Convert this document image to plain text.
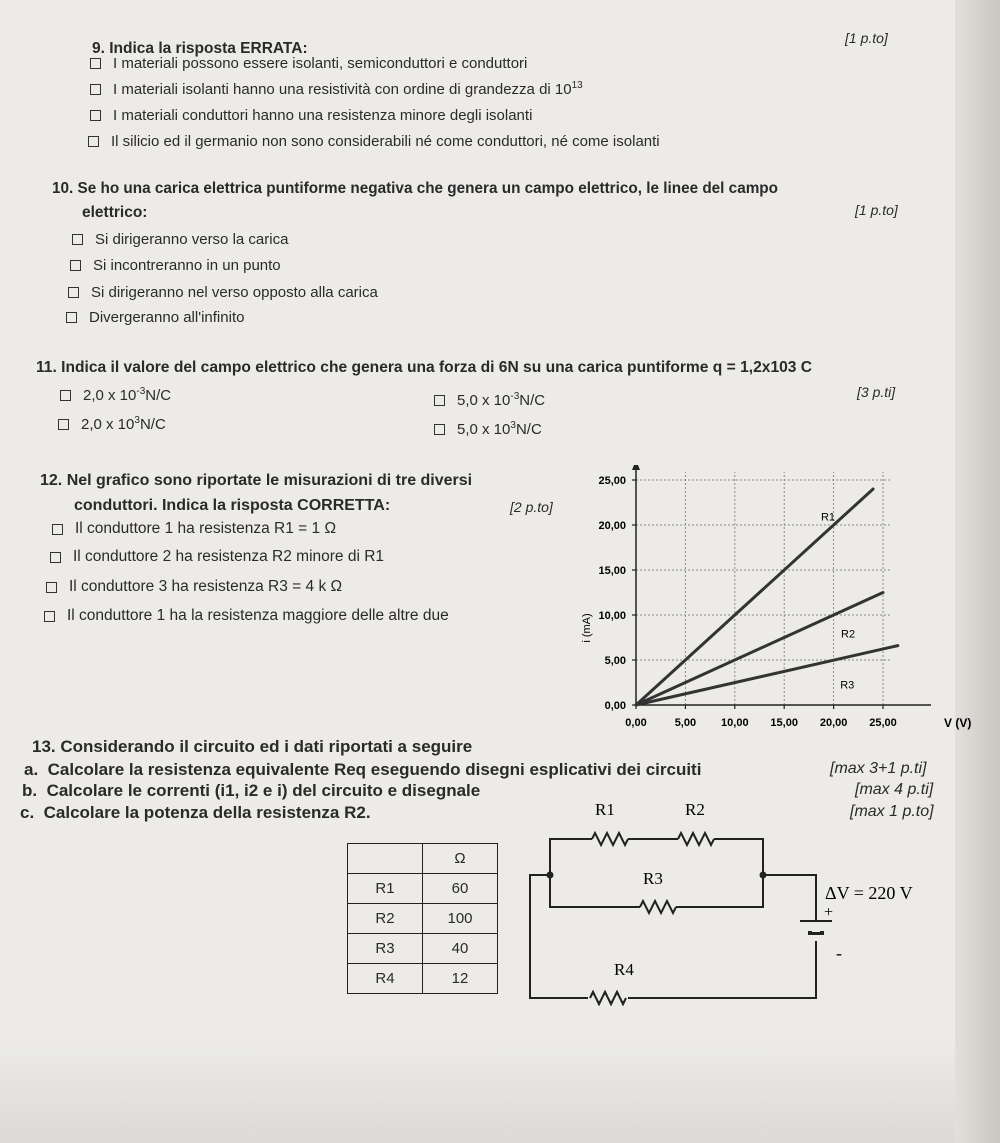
9. Indica la risposta ERRATA:
[1 p.to]
I materiali possono essere isolanti, semiconduttori e conduttori
I materiali isolanti hanno una resistività con ordine di grandezza di $10^{13}$
I materiali conduttori hanno una resistenza minore degli isolanti
Il silicio ed il germanio non sono considerabili né come conduttori, né come isolanti
10. Se ho una carica elettrica puntiforme negativa che genera un campo elettrico, le linee del campo
elettrico:	[1 p.to]
Si dirigeranno verso la carica
Si incontreranno in un punto
Si dirigeranno nel verso opposto alla carica
Divergeranno all'infinito
11. Indica il valore del campo elettrico che genera una forza di 6N su una carica puntiforme q = 1,2x103 C
[3 p.ti]
2,0 x $10^{-3}$ N/C	5,0 x $10^{-3}$ N/C
2,0 x $10^3$ N/C	5,0 x $10^3$ N/C
12. Nel grafico sono riportate le misurazioni di tre diversi
conduttori. Indica la risposta CORRETTA:	[2 p.to]
Il conduttore 1 ha resistenza R1 = 1 Ω
Il conduttore 2 ha resistenza R2 minore di R1
Il conduttore 3 ha resistenza R3 = 4 k Ω
Il conduttore 1 ha la resistenza maggiore delle altre due
0,00
5,00
10,00
15,00
20,00
25,00
0,00	5,00 10,00 15,00 20,00 25,00
R1
R2
R3
i (mA)
V (V)
13. Considerando il circuito ed i dati riportati a seguire
a. Calcolare la resistenza equivalente Req eseguendo disegni esplicativi dei circuiti	[max 3+1 p.ti]
b. Calcolare le correnti (i1, i2 e i) del circuito e disegnale	[max 4 p.ti]
c. Calcolare la potenza della resistenza R2.	[max 1 p.to]
	Ω
R1	60
R2	100
R3	40
R4	12
R1	R2
R3
R4
ΔV = 220 V
+
-
